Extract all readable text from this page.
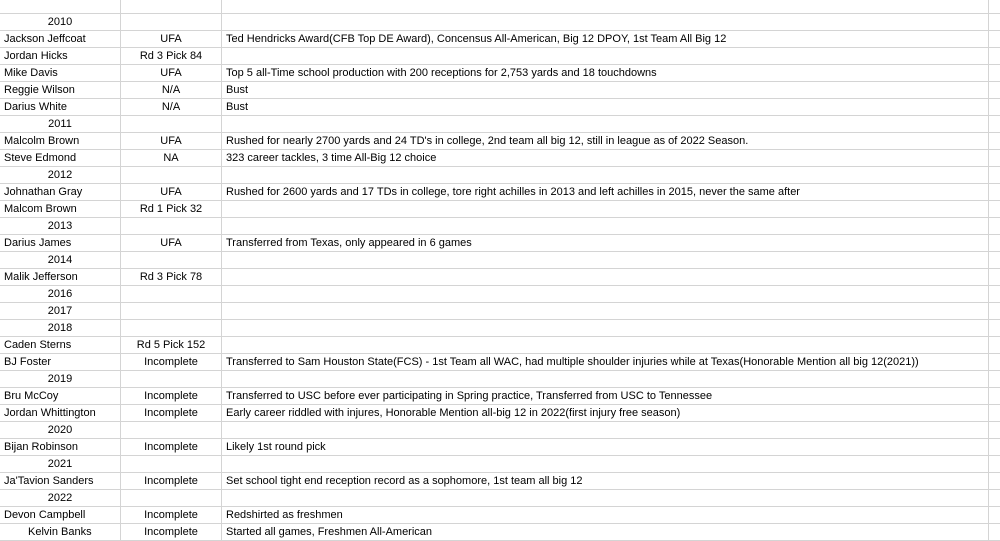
2010
Jackson Jeffcoat	UFA	Ted Hendricks Award(CFB Top DE Award), Concensus All-American, Big 12 DPOY, 1st Team All Big 12
Jordan Hicks	Rd 3 Pick 84
Mike Davis	UFA	Top 5 all-Time school production with 200 receptions for 2,753 yards and 18 touchdowns
Reggie Wilson	N/A	Bust
Darius White	N/A	Bust
2011
Malcolm Brown	UFA	Rushed for nearly 2700 yards and 24 TD's in college, 2nd team all big 12, still in league as of 2022 Season.
Steve Edmond	NA	323 career tackles, 3 time All-Big 12 choice
2012
Johnathan Gray	UFA	Rushed for 2600 yards and 17 TDs in college, tore right achilles in 2013 and left achilles in 2015, never the same after
Malcom Brown	Rd 1 Pick 32
2013
Darius James	UFA	Transferred from Texas, only appeared in 6 games
2014
Malik Jefferson	Rd 3 Pick 78
2016
2017
2018
Caden Sterns	Rd 5 Pick 152
BJ Foster	Incomplete	Transferred to Sam Houston State(FCS) - 1st Team all WAC, had multiple shoulder injuries while at Texas(Honorable Mention all big 12(2021))
2019
Bru McCoy	Incomplete	Transferred to USC before ever participating in Spring practice, Transferred from USC to Tennessee
Jordan Whittington	Incomplete	Early career riddled with injures, Honorable Mention all-big 12 in 2022(first injury free season)
2020
Bijan Robinson	Incomplete	Likely 1st round pick
2021
Ja'Tavion Sanders	Incomplete	Set school tight end reception record as a sophomore, 1st team all big 12
2022
Devon Campbell	Incomplete	Redshirted as freshmen
Kelvin Banks	Incomplete	Started all games, Freshmen All-American
